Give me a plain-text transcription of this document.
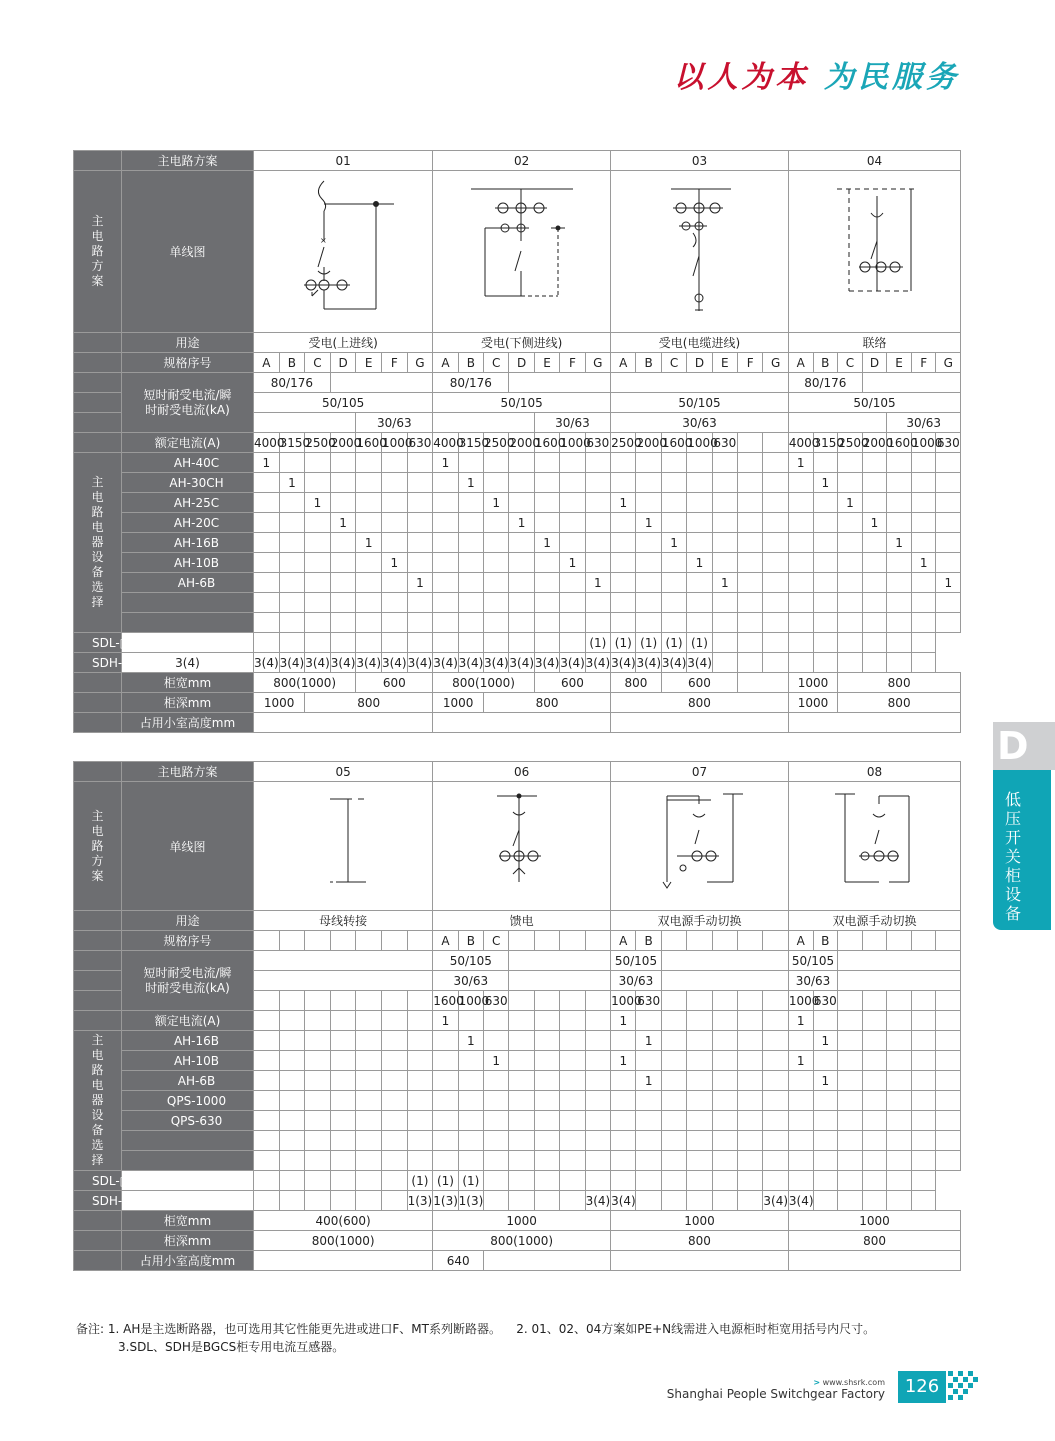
以人为本 为民服务
	主电路方案	01							02							03							04						
主电路方案	单线图	×

	用途	受电(上进线)							受电(下侧进线)							受电(电缆进线)							联络						
	规格序号	A	B	C	D	E	F	G	A	B	C	D	E	F	G	A	B	C	D	E	F	G	A	B	C	D	E	F	G
	短时耐受电流/瞬时耐受电流(kA)	80/176							80/176														80/176						
		50/105							50/105							50/105							50/105						
						30/63							30/63			30/63											30/63		
	额定电流(A)	4000	3150	2500	2000	1600	1000	630	4000	3150	2500	2000	1600	1000	630	2500	2000	1600	1000	630			4000	3150	2500	2000	1600	1000	630
主电路电器设备选择	AH-40C	1							1														1						
	AH-30CH		1							1														1					
	AH-25C			1							1					1									1				
	AH-20C				1							1					1									1			
	AH-16B					1							1					1									1		
	AH-10B						1							1					1									1	
	AH-6B							1							1					1									1

SDL-□															(1)	(1)	(1)	(1)	(1)										
SDH-□ □/5	3(4)	3(4)	3(4)	3(4)	3(4)	3(4)	3(4)	3(4)	3(4)	3(4)	3(4)	3(4)	3(4)	3(4)	3(4)	3(4)	3(4)	3(4)	3(4)										
	柜宽mm	800(1000)				600			800(1000)				600			800		600					1000		800				
	柜深mm	1000		800					1000		800					800							1000		800				
	占用小室高度mm																												
	主电路方案	05							06							07							08						
主电路方案	单线图				
	用途	母线转接							馈电							双电源手动切换							双电源手动切换						
	规格序号								A	B	C					A	B						A	B					
	短时耐受电流/瞬时耐受电流(kA)								50/105							50/105							50/105						
									30/63							30/63							30/63						
									1600	1000	630					1000	630						1000	630					
	额定电流(A)								1							1							1						
主电路电器设备选择	AH-16B									1							1							1					
	AH-10B										1					1							1						
	AH-6B																1							1					
	QPS-1000																												
	QPS-630																												

SDL-□								(1)	(1)	(1)																			
SDH-□ □/5								1(3)	1(3)	1(3)					3(4)	3(4)						3(4)	3(4)						
	柜宽mm	400(600)							1000							1000							1000						
	柜深mm	800(1000)							800(1000)							800							800						
	占用小室高度mm								640																				
备注: 1. AH是主选断路器，也可选用其它性能更先进或进口F、MT系列断路器。 2. 01、02、04方案如PE+N线需进入电源柜时柜宽用括号内尺寸。
3.SDL、SDH是BGCS柜专用电流互感器。
D
低压开关柜设备
> www.shsrk.com
Shanghai People Switchgear Factory	126
